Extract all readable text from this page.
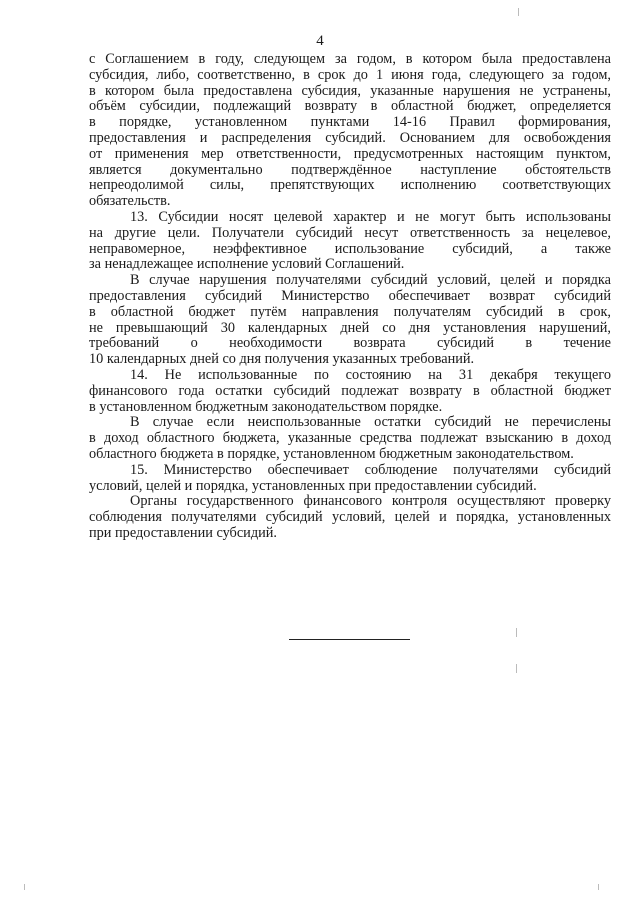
4

с Соглашением в году, следующем за годом, в котором была предоставлена

субсидия, либо, соответственно, в срок до 1 июня года, следующего за годом,

в котором была предоставлена субсидия, указанные нарушения не устранены,

объём субсидии, подлежащий возврату в областной бюджет, определяется

в порядке, установленном пунктами 14-16 Правил формирования,

предоставления и распределения субсидий. Основанием для освобождения

от применения мер ответственности, предусмотренных настоящим пунктом,

является документально подтверждённое наступление обстоятельств

непреодолимой силы, препятствующих исполнению соответствующих

обязательств.

13. Субсидии носят целевой характер и не могут быть использованы

на другие цели. Получатели субсидий несут ответственность за нецелевое,

неправомерное, неэффективное использование субсидий, а также

за ненадлежащее исполнение условий Соглашений.

В случае нарушения получателями субсидий условий, целей и порядка

предоставления субсидий Министерство обеспечивает возврат субсидий

в областной бюджет путём направления получателям субсидий в срок,

не превышающий 30 календарных дней со дня установления нарушений,

требований о необходимости возврата субсидий в течение

10 календарных дней со дня получения указанных требований.

14. Не использованные по состоянию на 31 декабря текущего

финансового года остатки субсидий подлежат возврату в областной бюджет

в установленном бюджетным законодательством порядке.

В случае если неиспользованные остатки субсидий не перечислены

в доход областного бюджета, указанные средства подлежат взысканию в доход

областного бюджета в порядке, установленном бюджетным законодательством.

15. Министерство обеспечивает соблюдение получателями субсидий

условий, целей и порядка, установленных при предоставлении субсидий.

Органы государственного финансового контроля осуществляют проверку

соблюдения получателями субсидий условий, целей и порядка, установленных

при предоставлении субсидий.
